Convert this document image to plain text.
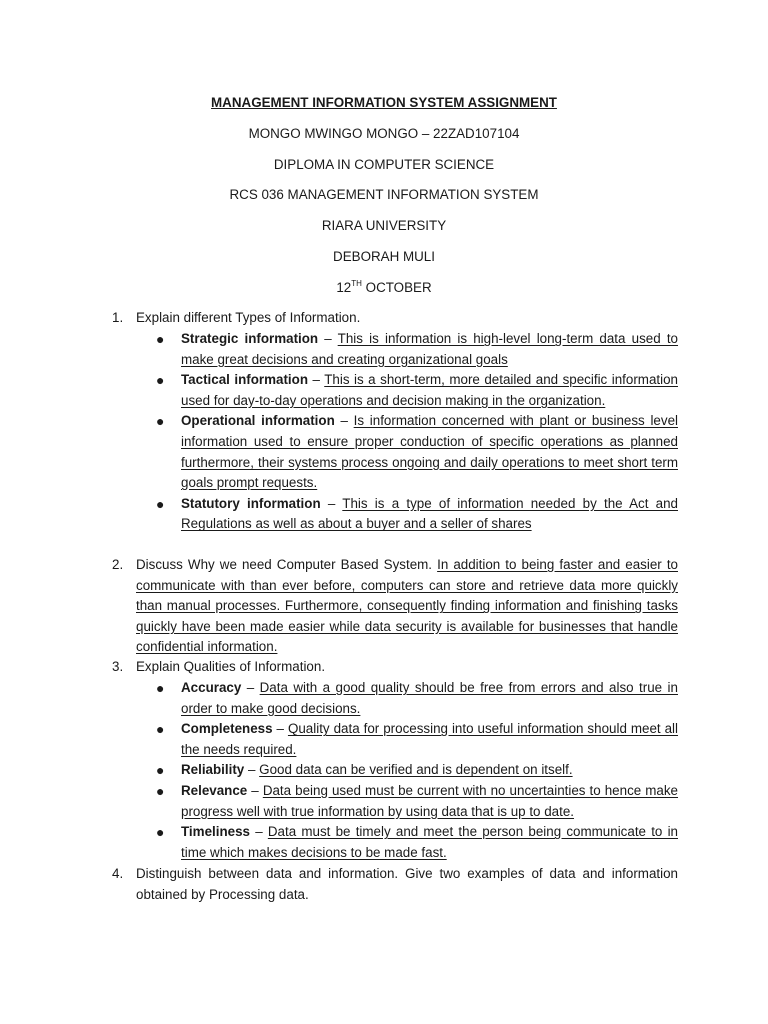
MANAGEMENT INFORMATION SYSTEM ASSIGNMENT
MONGO MWINGO MONGO – 22ZAD107104
DIPLOMA IN COMPUTER SCIENCE
RCS 036 MANAGEMENT INFORMATION SYSTEM
RIARA UNIVERSITY
DEBORAH MULI
12TH OCTOBER
1. Explain different Types of Information.
● Strategic information – This is information is high-level long-term data used to make great decisions and creating organizational goals
● Tactical information – This is a short-term, more detailed and specific information used for day-to-day operations and decision making in the organization.
● Operational information – Is information concerned with plant or business level information used to ensure proper conduction of specific operations as planned furthermore, their systems process ongoing and daily operations to meet short term goals prompt requests.
● Statutory information – This is a type of information needed by the Act and Regulations as well as about a buyer and a seller of shares
2. Discuss Why we need Computer Based System. In addition to being faster and easier to communicate with than ever before, computers can store and retrieve data more quickly than manual processes. Furthermore, consequently finding information and finishing tasks quickly have been made easier while data security is available for businesses that handle confidential information.
3. Explain Qualities of Information.
● Accuracy – Data with a good quality should be free from errors and also true in order to make good decisions.
● Completeness – Quality data for processing into useful information should meet all the needs required.
● Reliability – Good data can be verified and is dependent on itself.
● Relevance – Data being used must be current with no uncertainties to hence make progress well with true information by using data that is up to date.
● Timeliness – Data must be timely and meet the person being communicate to in time which makes decisions to be made fast.
4. Distinguish between data and information. Give two examples of data and information obtained by Processing data.
